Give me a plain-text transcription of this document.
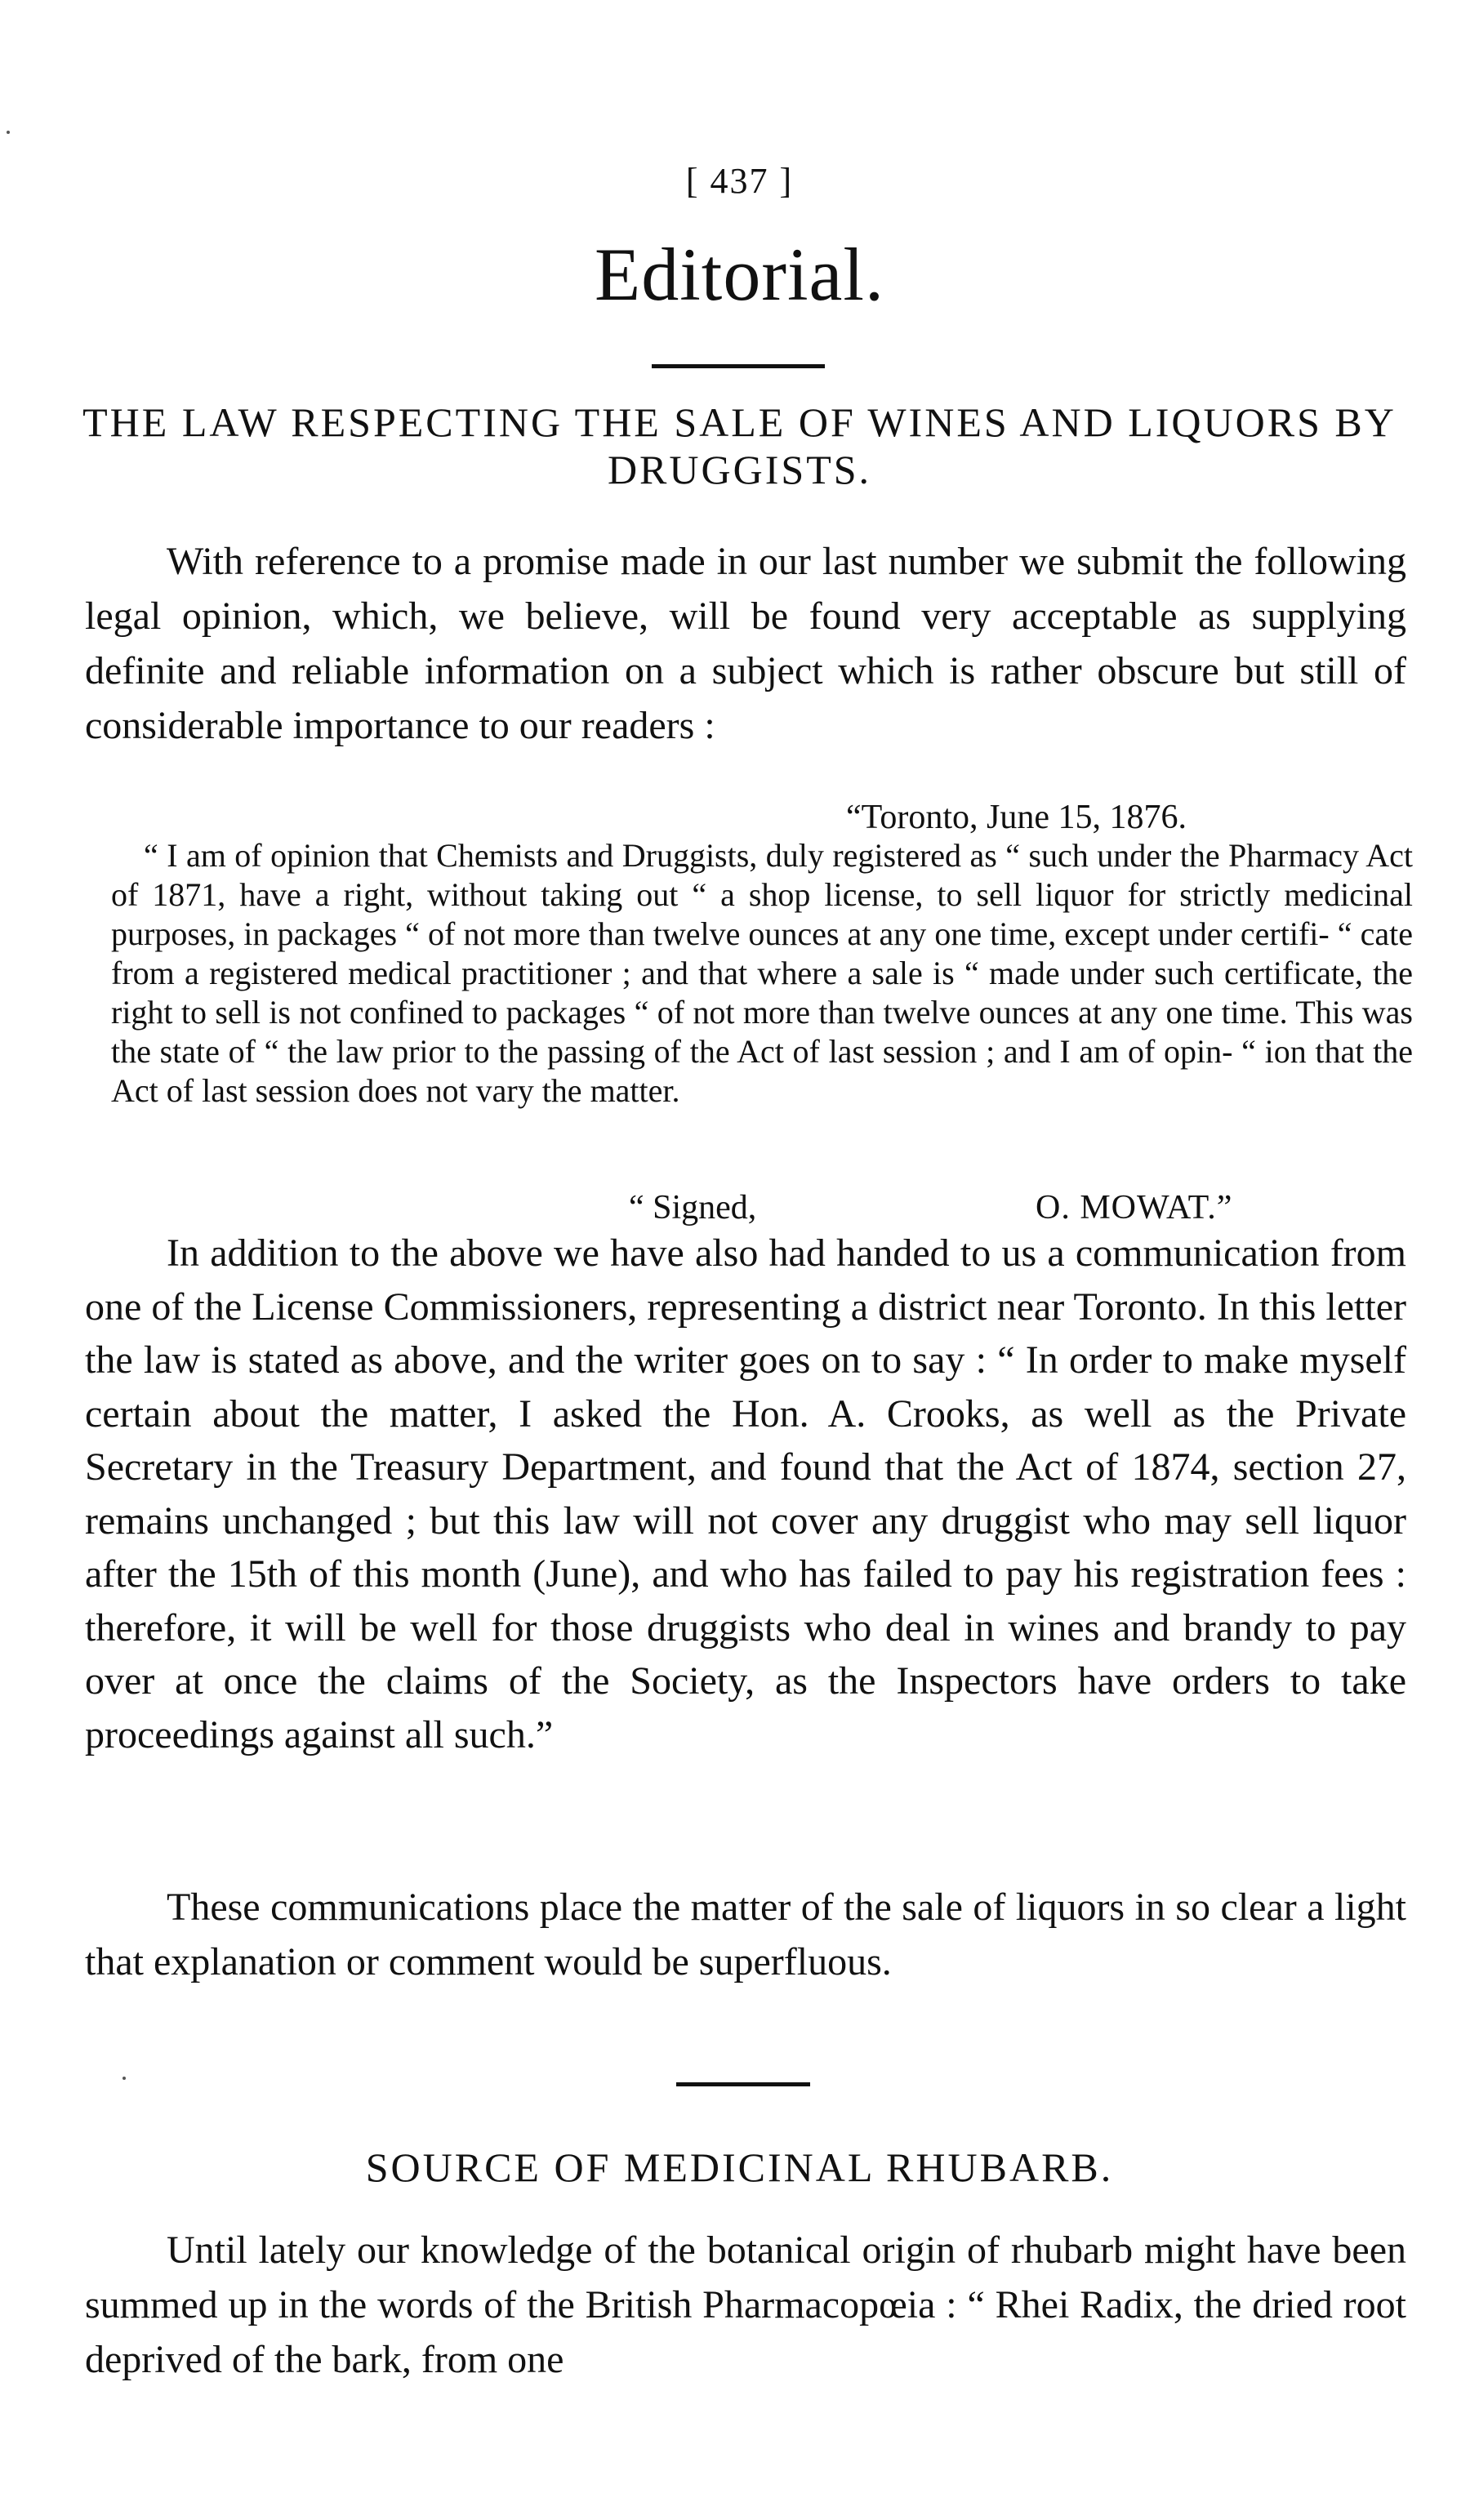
[ 437 ]
Editorial.
THE LAW RESPECTING THE SALE OF WINES AND LIQUORS BY DRUGGISTS.
With reference to a promise made in our last number we submit the following legal opinion, which, we believe, will be found very acceptable as supplying definite and reliable information on a subject which is rather obscure but still of considerable importance to our readers :
“Toronto, June 15, 1876.
“ I am of opinion that Chemists and Druggists, duly registered as “ such under the Pharmacy Act of 1871, have a right, without taking out “ a shop license, to sell liquor for strictly medicinal purposes, in packages “ of not more than twelve ounces at any one time, except under certifi- “ cate from a registered medical practitioner ; and that where a sale is “ made under such certificate, the right to sell is not confined to packages “ of not more than twelve ounces at any one time. This was the state of “ the law prior to the passing of the Act of last session ; and I am of opin- “ ion that the Act of last session does not vary the matter.
“ Signed,	O. MOWAT.”
In addition to the above we have also had handed to us a communication from one of the License Commissioners, representing a district near Toronto. In this letter the law is stated as above, and the writer goes on to say : “ In order to make myself certain about the matter, I asked the Hon. A. Crooks, as well as the Private Secretary in the Treasury Department, and found that the Act of 1874, section 27, remains unchanged ; but this law will not cover any druggist who may sell liquor after the 15th of this month (June), and who has failed to pay his registration fees : therefore, it will be well for those druggists who deal in wines and brandy to pay over at once the claims of the Society, as the Inspectors have orders to take proceedings against all such.”
These communications place the matter of the sale of liquors in so clear a light that explanation or comment would be superfluous.
SOURCE OF MEDICINAL RHUBARB.
Until lately our knowledge of the botanical origin of rhubarb might have been summed up in the words of the British Pharmacopœia : “ Rhei Radix, the dried root deprived of the bark, from one
